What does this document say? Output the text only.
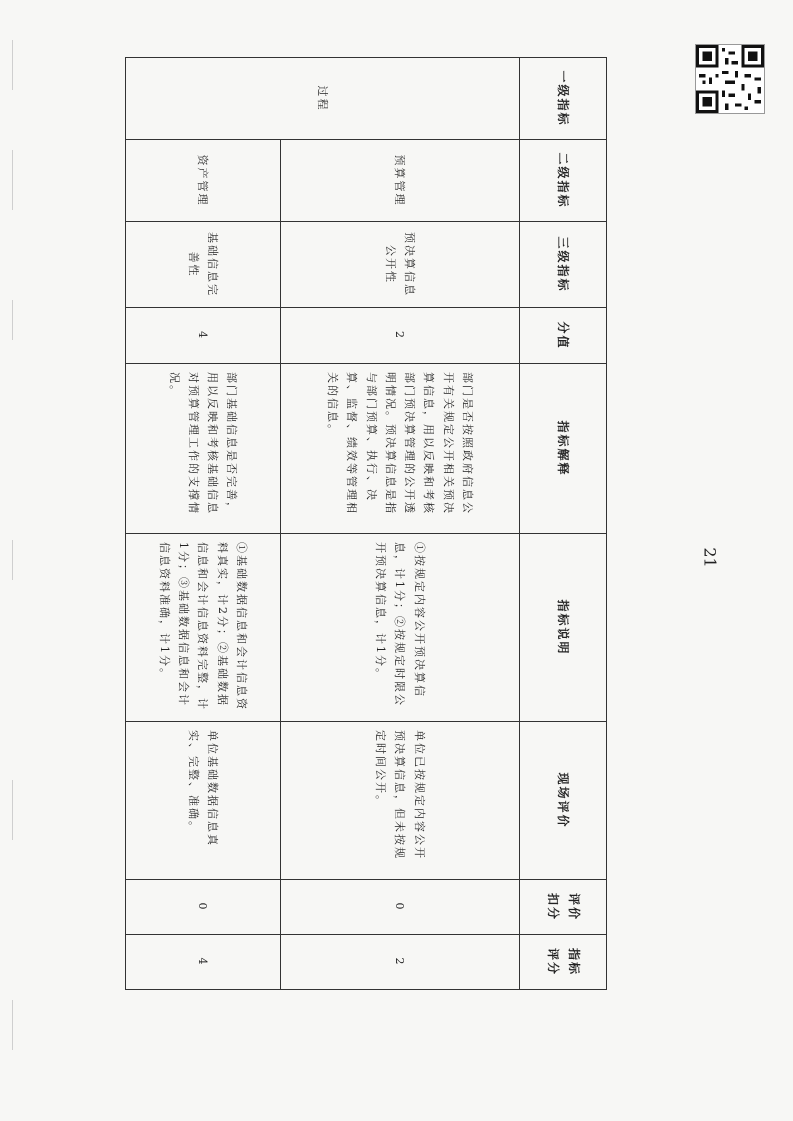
一级指标	二级指标	三级指标	分值	指标解释	指标说明	现场评价	评价扣分	指标评分
过程	预算管理	预决算信息公开性	2	部门是否按照政府信息公开有关规定公开相关预决算信息，用以反映和考核部门预决算管理的公开透明情况。预决算信息是指与部门预算、执行、决算、监督、绩效等管理相关的信息。	①按规定内容公开预决算信息，计1分；②按规定时限公开预决算信息，计1分。	单位已按规定内容公开预决算信息，但未按规定时间公开。	0	2
	资产管理	基础信息完善性	4	部门基础信息是否完善，用以反映和考核基础信息对预算管理工作的支撑情况。	①基础数据信息和会计信息资料真实，计2分；②基础数据信息和会计信息资料完整，计1分；③基础数据信息和会计信息资料准确，计1分。	单位基础数据信息真实、完整、准确。	0	4
21
